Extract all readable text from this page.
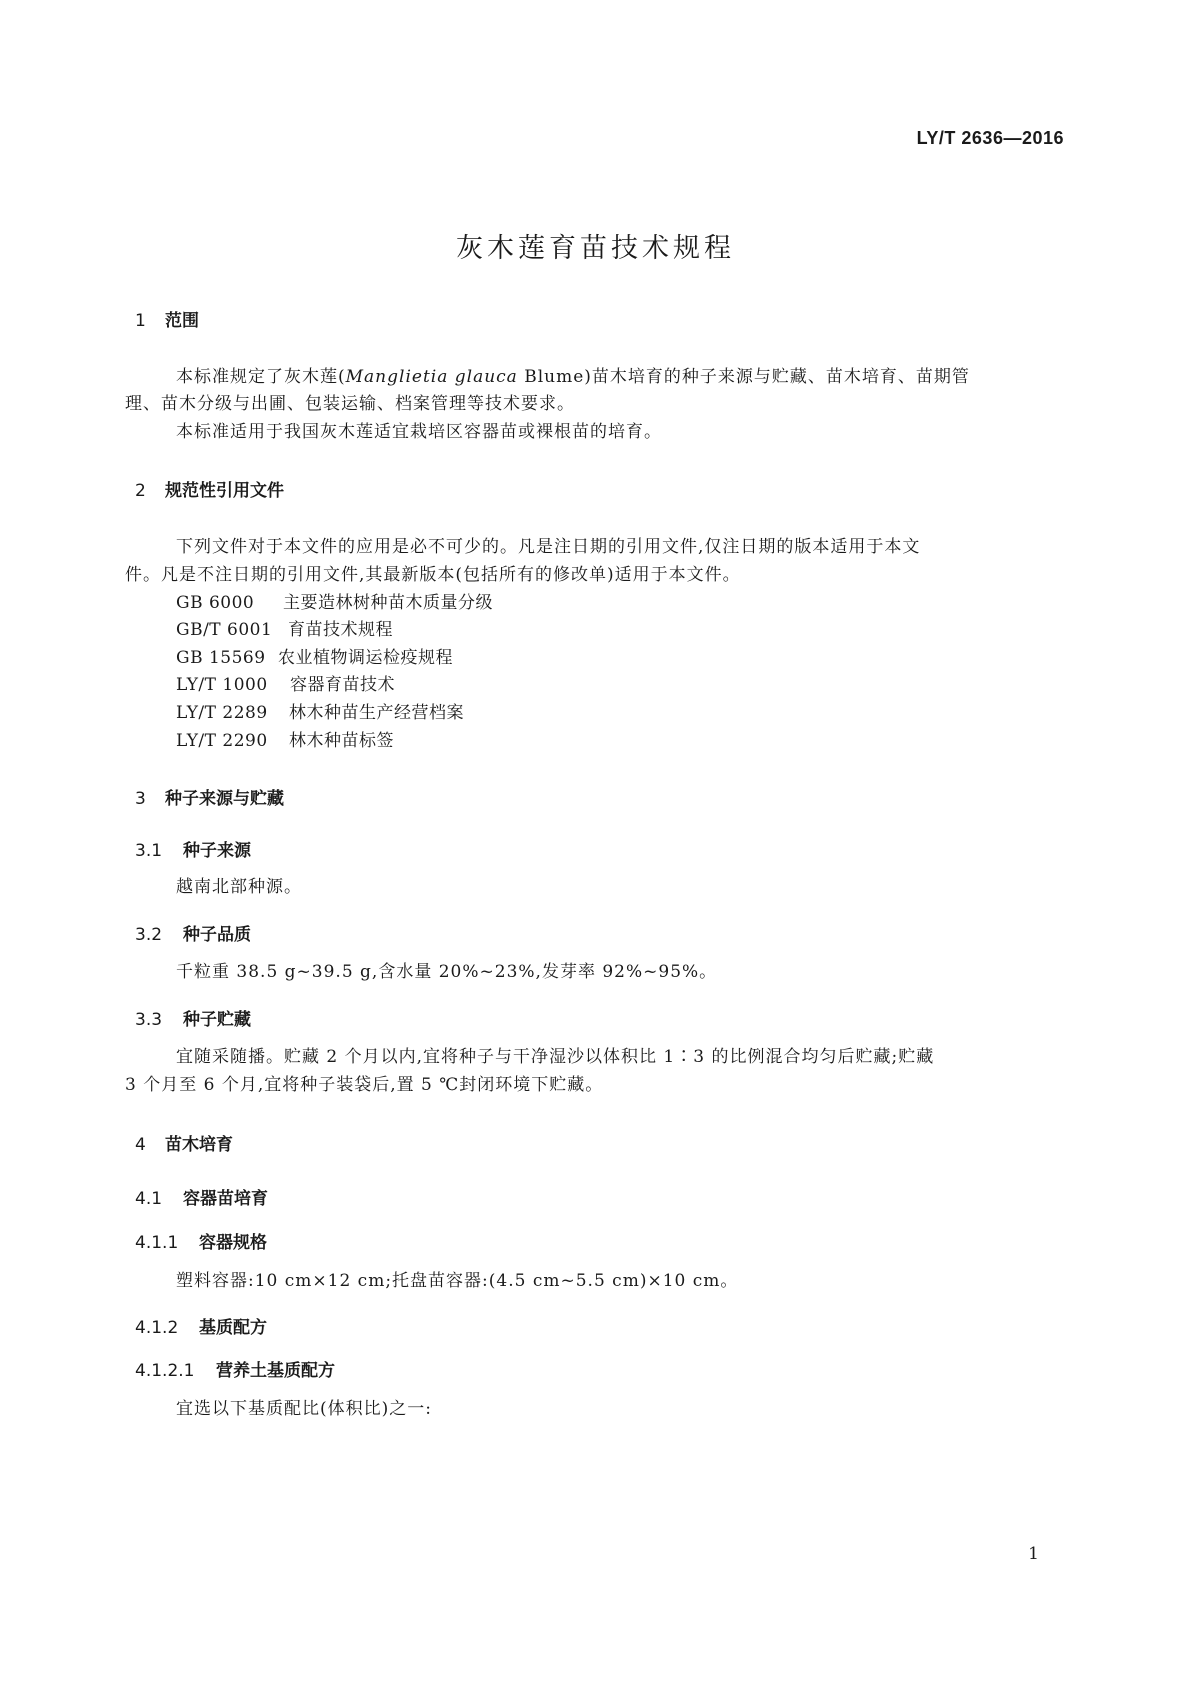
LY/T 2636—2016
灰木莲育苗技术规程
1 范围
本标准规定了灰木莲(Manglietia glauca Blume)苗木培育的种子来源与贮藏、苗木培育、苗期管
理、苗木分级与出圃、包装运输、档案管理等技术要求。
本标准适用于我国灰木莲适宜栽培区容器苗或裸根苗的培育。
2 规范性引用文件
下列文件对于本文件的应用是必不可少的。凡是注日期的引用文件,仅注日期的版本适用于本文
件。凡是不注日期的引用文件,其最新版本(包括所有的修改单)适用于本文件。
GB 6000 主要造林树种苗木质量分级
GB/T 6001 育苗技术规程
GB 15569 农业植物调运检疫规程
LY/T 1000 容器育苗技术
LY/T 2289 林木种苗生产经营档案
LY/T 2290 林木种苗标签
3 种子来源与贮藏
3.1 种子来源
越南北部种源。
3.2 种子品质
千粒重 38.5 g~39.5 g,含水量 20%~23%,发芽率 92%~95%。
3.3 种子贮藏
宜随采随播。贮藏 2 个月以内,宜将种子与干净湿沙以体积比 1∶3 的比例混合均匀后贮藏;贮藏
3 个月至 6 个月,宜将种子装袋后,置 5 ℃封闭环境下贮藏。
4 苗木培育
4.1 容器苗培育
4.1.1 容器规格
塑料容器:10 cm×12 cm;托盘苗容器:(4.5 cm~5.5 cm)×10 cm。
4.1.2 基质配方
4.1.2.1 营养土基质配方
宜选以下基质配比(体积比)之一:
1
